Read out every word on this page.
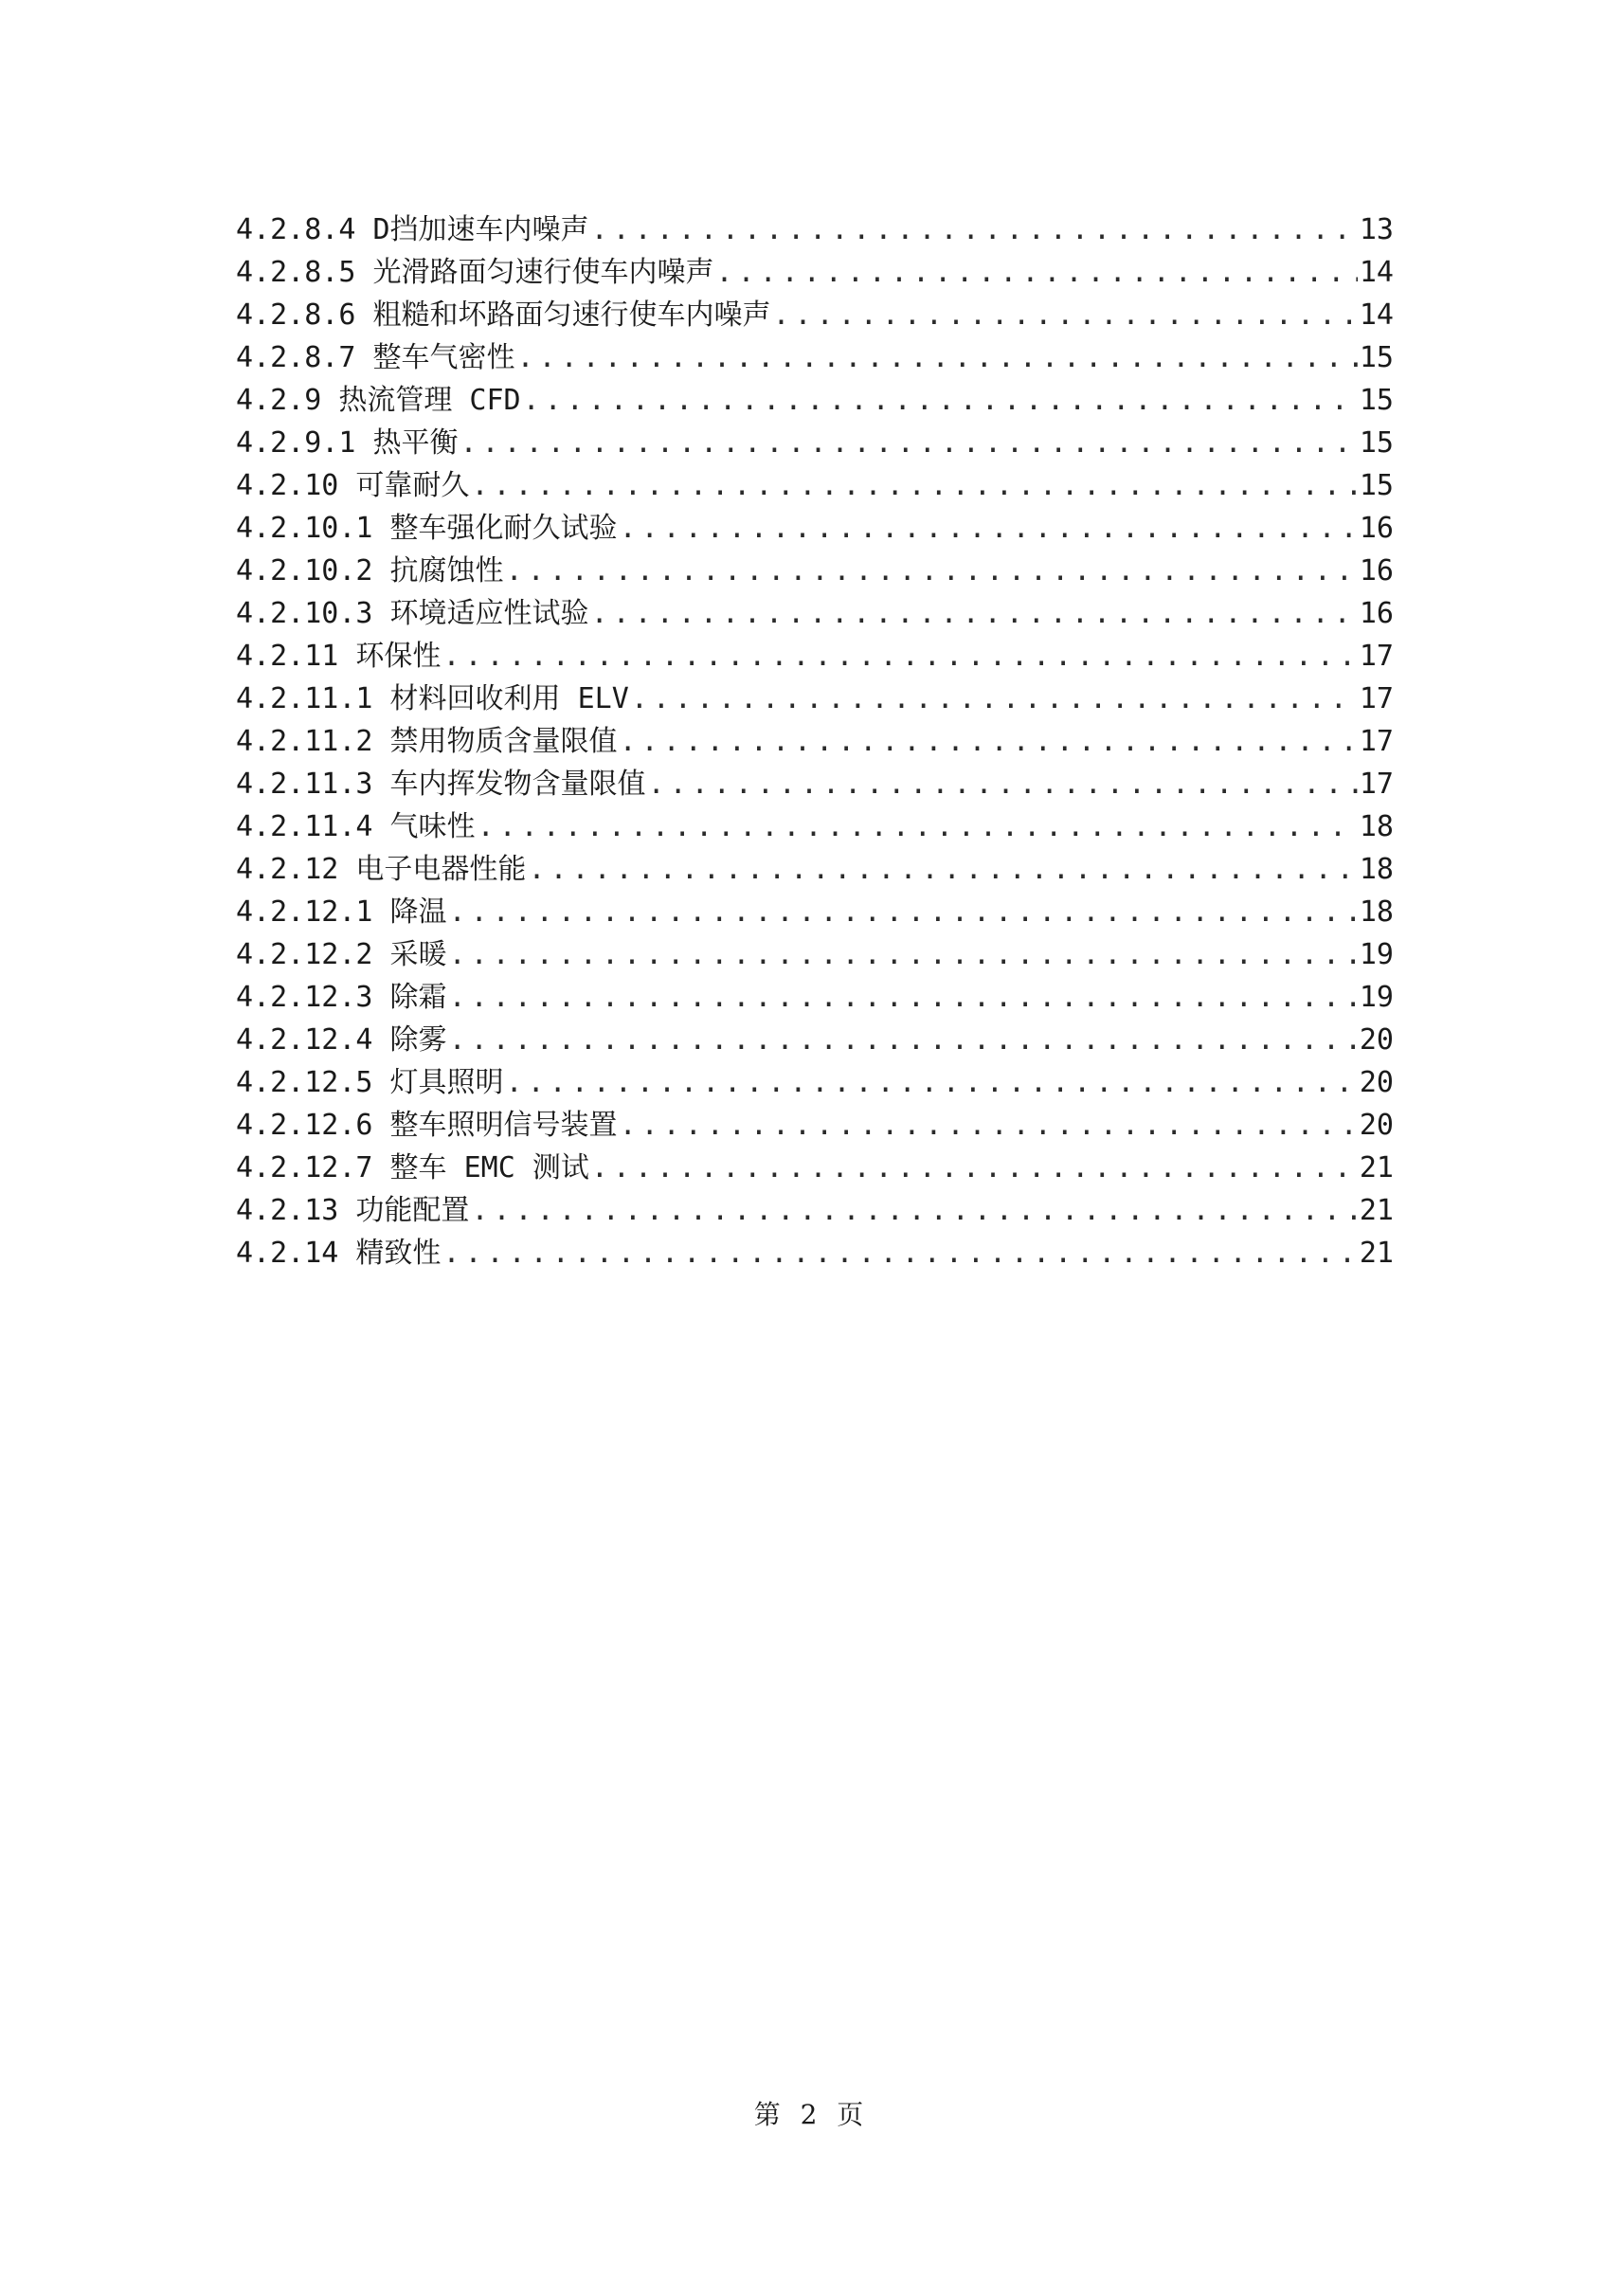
4.2.8.4 D挡加速车内噪声 .....	13
4.2.8.5 光滑路面匀速行使车内噪声 .....	14
4.2.8.6 粗糙和坏路面匀速行使车内噪声 .....	14
4.2.8.7 整车气密性 .....	15
4.2.9 热流管理 CFD .....	15
4.2.9.1 热平衡 .....	15
4.2.10 可靠耐久 .....	15
4.2.10.1 整车强化耐久试验 .....	16
4.2.10.2 抗腐蚀性 .....	16
4.2.10.3 环境适应性试验 .....	16
4.2.11 环保性 .....	17
4.2.11.1 材料回收利用 ELV .....	17
4.2.11.2 禁用物质含量限值 .....	17
4.2.11.3 车内挥发物含量限值 .....	17
4.2.11.4 气味性 .....	18
4.2.12 电子电器性能 .....	18
4.2.12.1 降温 .....	18
4.2.12.2 采暖 .....	19
4.2.12.3 除霜 .....	19
4.2.12.4 除雾 .....	20
4.2.12.5 灯具照明 .....	20
4.2.12.6 整车照明信号装置 .....	20
4.2.12.7 整车 EMC 测试 .....	21
4.2.13 功能配置 .....	21
4.2.14 精致性 .....	21
第 2 页
